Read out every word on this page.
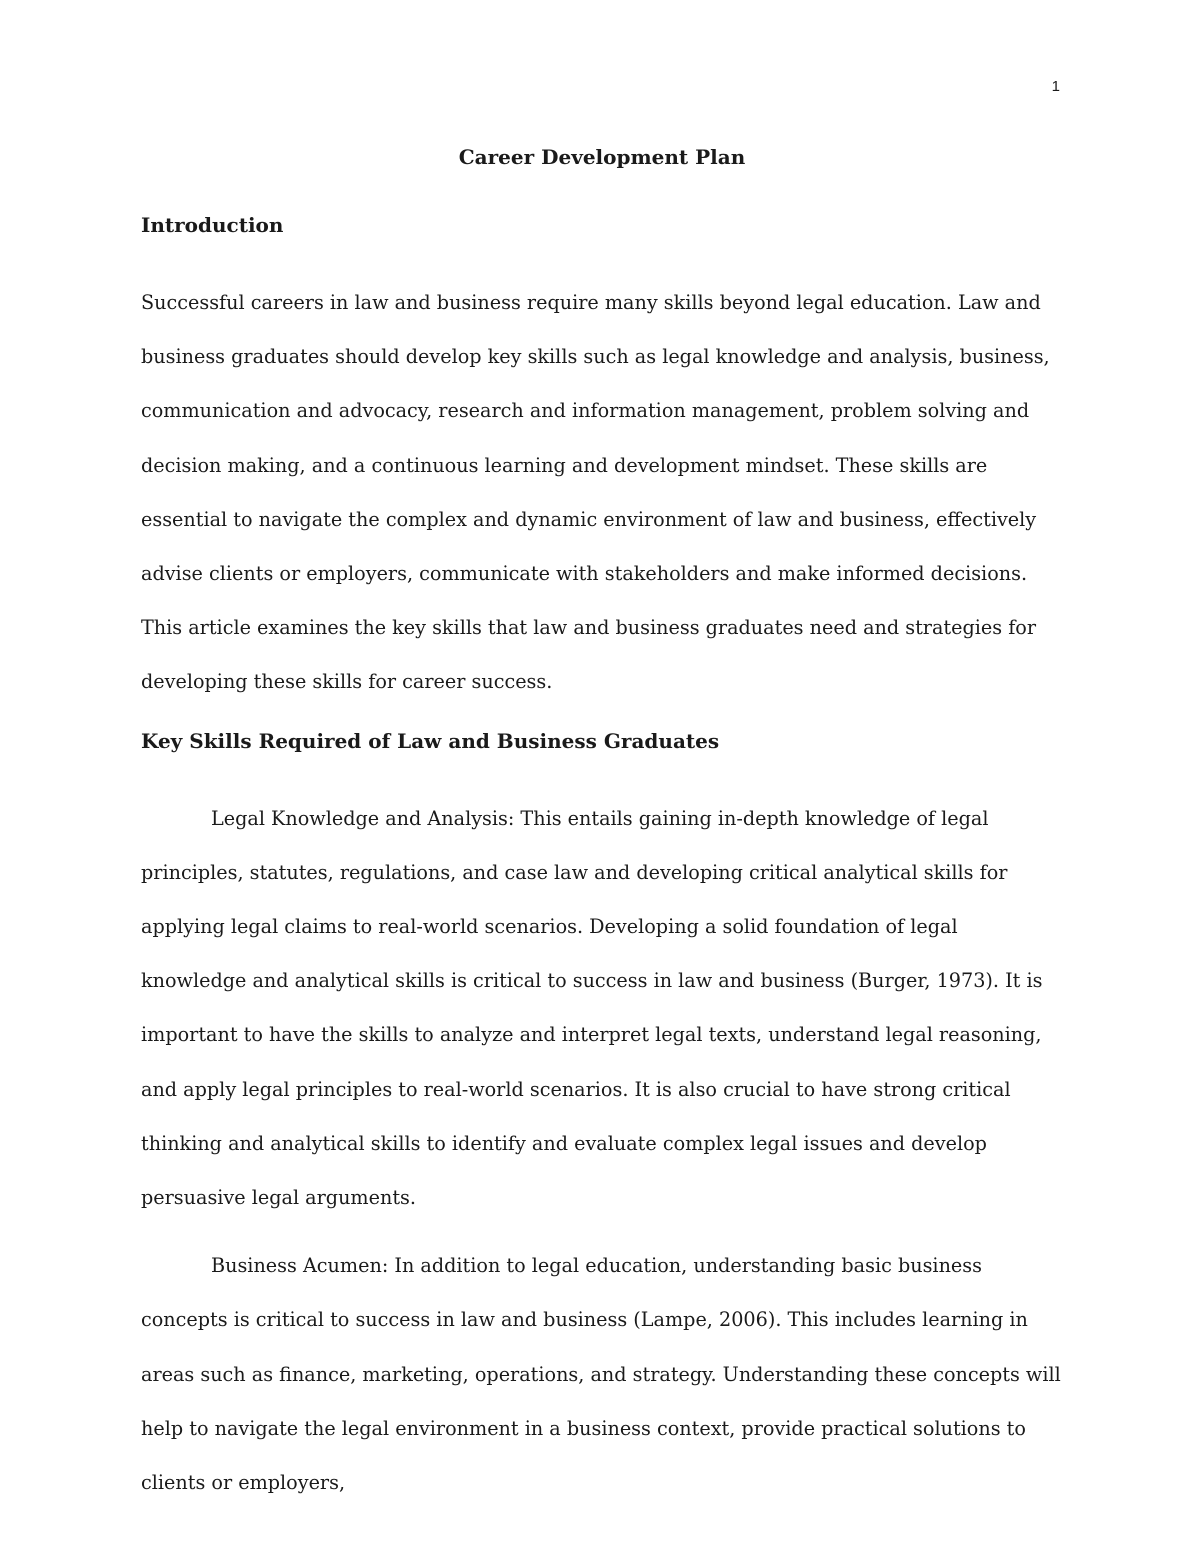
1
Career Development Plan
Introduction

Successful careers in law and business require many skills beyond legal education. Law and business graduates should develop key skills such as legal knowledge and analysis, business, communication and advocacy, research and information management, problem solving and decision making, and a continuous learning and development mindset. These skills are essential to navigate the complex and dynamic environment of law and business, effectively advise clients or employers, communicate with stakeholders and make informed decisions. This article examines the key skills that law and business graduates need and strategies for developing these skills for career success.

Key Skills Required of Law and Business Graduates

Legal Knowledge and Analysis: This entails gaining in-depth knowledge of legal principles, statutes, regulations, and case law and developing critical analytical skills for applying legal claims to real-world scenarios. Developing a solid foundation of legal knowledge and analytical skills is critical to success in law and business (Burger, 1973). It is important to have the skills to analyze and interpret legal texts, understand legal reasoning, and apply legal principles to real-world scenarios. It is also crucial to have strong critical thinking and analytical skills to identify and evaluate complex legal issues and develop persuasive legal arguments.

Business Acumen: In addition to legal education, understanding basic business concepts is critical to success in law and business (Lampe, 2006). This includes learning in areas such as finance, marketing, operations, and strategy. Understanding these concepts will help to navigate the legal environment in a business context, provide practical solutions to clients or employers,
